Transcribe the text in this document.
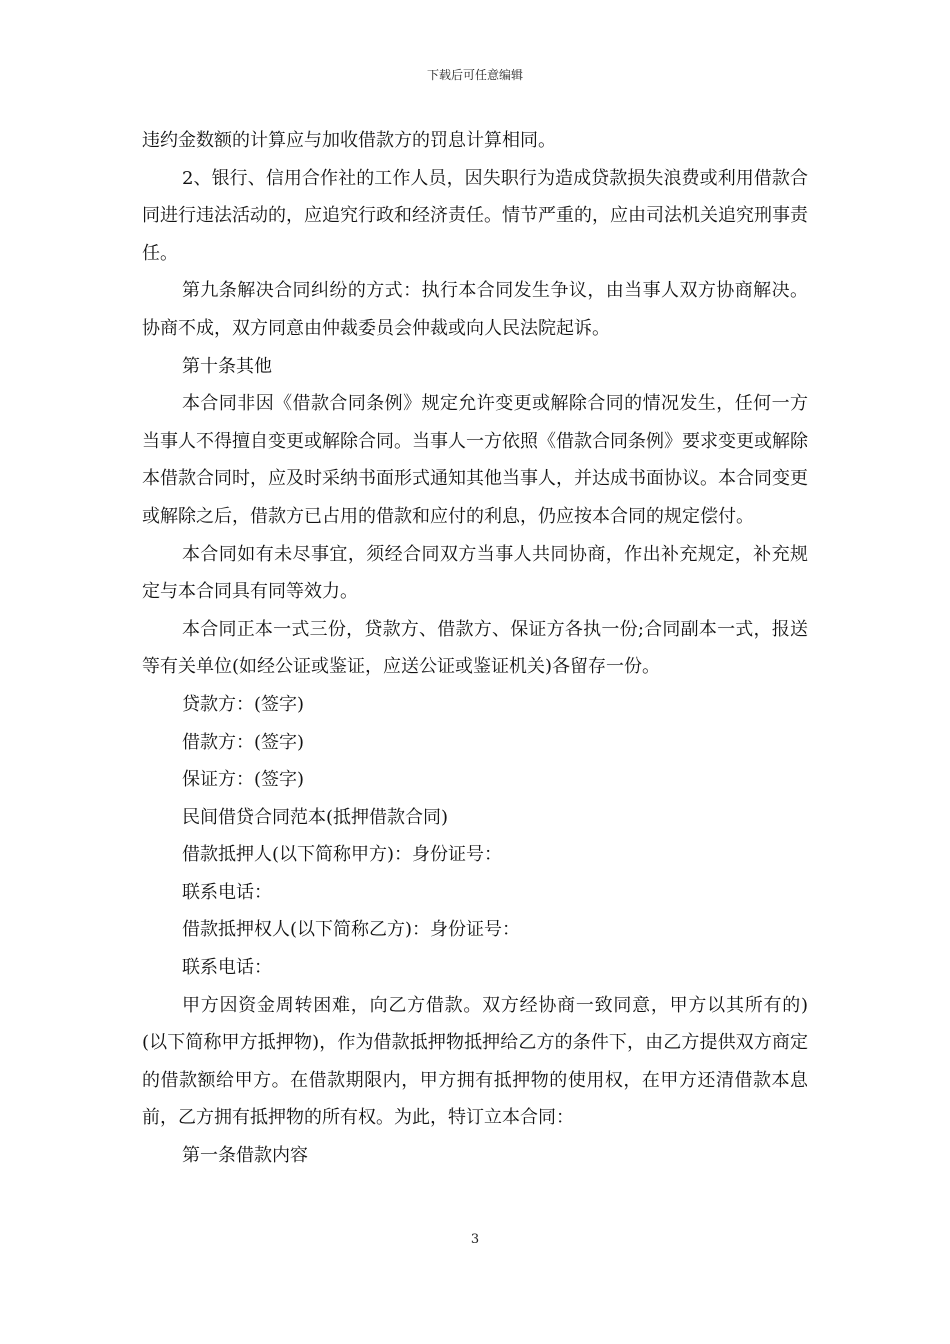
下载后可任意编辑

违约金数额的计算应与加收借款方的罚息计算相同。

2、银行、信用合作社的工作人员，因失职行为造成贷款损失浪费或利用借款合同进行违法活动的，应追究行政和经济责任。情节严重的，应由司法机关追究刑事责任。

第九条解决合同纠纷的方式：执行本合同发生争议，由当事人双方协商解决。协商不成，双方同意由仲裁委员会仲裁或向人民法院起诉。

第十条其他

本合同非因《借款合同条例》规定允许变更或解除合同的情况发生，任何一方当事人不得擅自变更或解除合同。当事人一方依照《借款合同条例》要求变更或解除本借款合同时，应及时采纳书面形式通知其他当事人，并达成书面协议。本合同变更或解除之后，借款方已占用的借款和应付的利息，仍应按本合同的规定偿付。

本合同如有未尽事宜，须经合同双方当事人共同协商，作出补充规定，补充规定与本合同具有同等效力。

本合同正本一式三份，贷款方、借款方、保证方各执一份;合同副本一式，报送等有关单位(如经公证或鉴证，应送公证或鉴证机关)各留存一份。

贷款方：(签字)

借款方：(签字)

保证方：(签字)

民间借贷合同范本(抵押借款合同)

借款抵押人(以下简称甲方)：身份证号：

联系电话：

借款抵押权人(以下简称乙方)：身份证号：

联系电话：

甲方因资金周转困难，向乙方借款。双方经协商一致同意，甲方以其所有的)(以下简称甲方抵押物)，作为借款抵押物抵押给乙方的条件下，由乙方提供双方商定的借款额给甲方。在借款期限内，甲方拥有抵押物的使用权，在甲方还清借款本息前，乙方拥有抵押物的所有权。为此，特订立本合同：

第一条借款内容

3
